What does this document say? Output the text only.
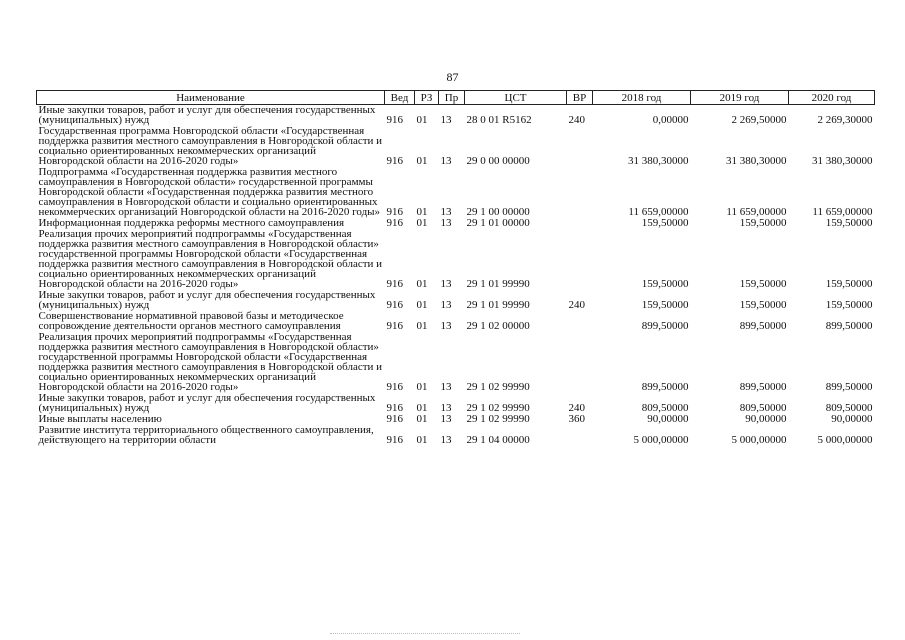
87
Наименование	Вед	РЗ	Пр	ЦСТ	ВР	2018 год	2019 год	2020 год
Иные закупки товаров, работ и услуг для обеспечения государственных (муниципальных) нужд	916	01	13	28 0 01 R5162	240	0,00000	2 269,50000	2 269,30000
Государственная программа Новгородской области «Государственная поддержка развития местного самоуправления в Новгородской области и социально ориентированных некоммерческих организаций Новгородской области на 2016-2020 годы»	916	01	13	29 0 00 00000		31 380,30000	31 380,30000	31 380,30000
Подпрограмма «Государственная поддержка развития местного самоуправления в Новгородской области» государственной программы Новгородской области «Государственная поддержка развития местного самоуправления в Новгородской области и социально ориентированных некоммерческих организаций Новгородской области на 2016-2020 годы»	916	01	13	29 1 00 00000		11 659,00000	11 659,00000	11 659,00000
Информационная поддержка реформы местного самоуправления	916	01	13	29 1 01 00000		159,50000	159,50000	159,50000
Реализация прочих мероприятий подпрограммы «Государственная поддержка развития местного самоуправления в Новгородской области» государственной программы Новгородской области «Государственная поддержка развития местного самоуправления в Новгородской области и социально ориентированных некоммерческих организаций Новгородской области на 2016-2020 годы»	916	01	13	29 1 01 99990		159,50000	159,50000	159,50000
Иные закупки товаров, работ и услуг для обеспечения государственных (муниципальных) нужд	916	01	13	29 1 01 99990	240	159,50000	159,50000	159,50000
Совершенствование нормативной правовой базы и методическое сопровождение деятельности органов местного самоуправления	916	01	13	29 1 02 00000		899,50000	899,50000	899,50000
Реализация прочих мероприятий подпрограммы «Государственная поддержка развития местного самоуправления в Новгородской области» государственной программы Новгородской области «Государственная поддержка развития местного самоуправления в Новгородской области и социально ориентированных некоммерческих организаций Новгородской области на 2016-2020 годы»	916	01	13	29 1 02 99990		899,50000	899,50000	899,50000
Иные закупки товаров, работ и услуг для обеспечения государственных (муниципальных) нужд	916	01	13	29 1 02 99990	240	809,50000	809,50000	809,50000
Иные выплаты населению	916	01	13	29 1 02 99990	360	90,00000	90,00000	90,00000
Развитие института территориального общественного самоуправления, действующего на территории области	916	01	13	29 1 04 00000		5 000,00000	5 000,00000	5 000,00000
